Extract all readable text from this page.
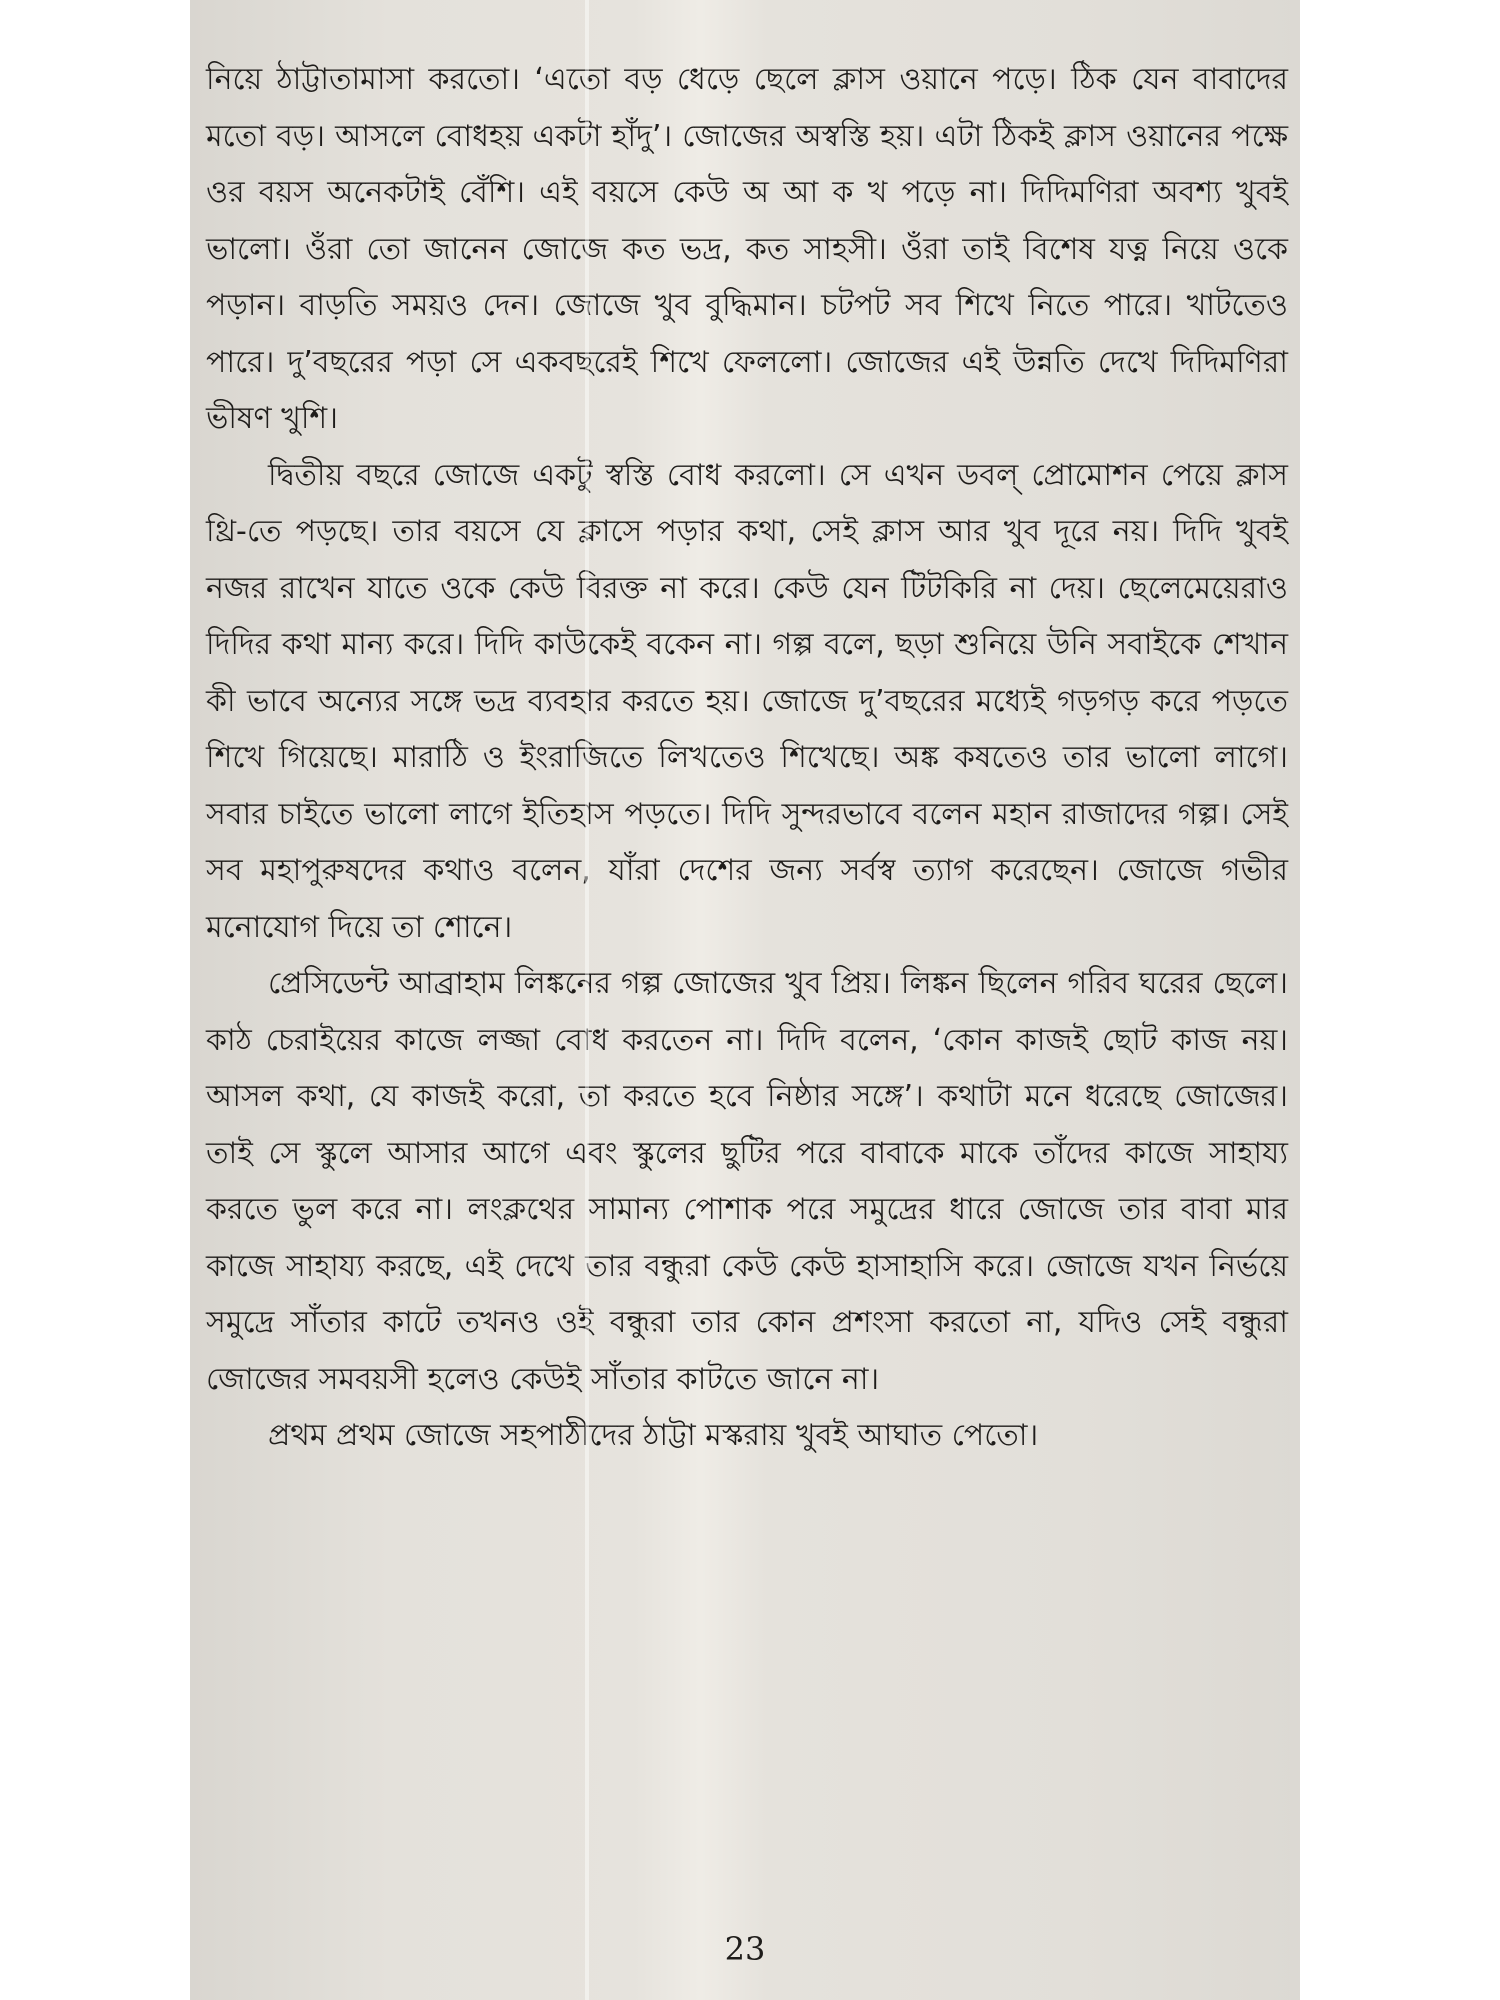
নিয়ে ঠাট্টাতামাসা করতো। ‘এতো বড় ধেড়ে ছেলে ক্লাস ওয়ানে পড়ে। ঠিক যেন বাবাদের মতো বড়। আসলে বোধহয় একটা হাঁদু’। জোজের অস্বস্তি হয়। এটা ঠিকই ক্লাস ওয়ানের পক্ষে ওর বয়স অনেকটাই বেঁশি। এই বয়সে কেউ অ আ ক খ পড়ে না। দিদিমণিরা অবশ্য খুবই ভালো। ওঁরা তো জানেন জোজে কত ভদ্র, কত সাহসী। ওঁরা তাই বিশেষ যত্ন নিয়ে ওকে পড়ান। বাড়তি সময়ও দেন। জোজে খুব বুদ্ধিমান। চটপট সব শিখে নিতে পারে। খাটতেও পারে। দু’বছরের পড়া সে একবছরেই শিখে ফেললো। জোজের এই উন্নতি দেখে দিদিমণিরা ভীষণ খুশি।

দ্বিতীয় বছরে জোজে একটু স্বস্তি বোধ করলো। সে এখন ডবল্ প্রোমোশন পেয়ে ক্লাস থ্রি-তে পড়ছে। তার বয়সে যে ক্লাসে পড়ার কথা, সেই ক্লাস আর খুব দূরে নয়। দিদি খুবই নজর রাখেন যাতে ওকে কেউ বিরক্ত না করে। কেউ যেন টিটকিরি না দেয়। ছেলেমেয়েরাও দিদির কথা মান্য করে। দিদি কাউকেই বকেন না। গল্প বলে, ছড়া শুনিয়ে উনি সবাইকে শেখান কী ভাবে অন্যের সঙ্গে ভদ্র ব্যবহার করতে হয়। জোজে দু’বছরের মধ্যেই গড়গড় করে পড়তে শিখে গিয়েছে। মারাঠি ও ইংরাজিতে লিখতেও শিখেছে। অঙ্ক কষতেও তার ভালো লাগে। সবার চাইতে ভালো লাগে ইতিহাস পড়তে। দিদি সুন্দরভাবে বলেন মহান রাজাদের গল্প। সেই সব মহাপুরুষদের কথাও বলেন, যাঁরা দেশের জন্য সর্বস্ব ত্যাগ করেছেন। জোজে গভীর মনোযোগ দিয়ে তা শোনে।

প্রেসিডেন্ট আব্রাহাম লিঙ্কনের গল্প জোজের খুব প্রিয়। লিঙ্কন ছিলেন গরিব ঘরের ছেলে। কাঠ চেরাইয়ের কাজে লজ্জা বোধ করতেন না। দিদি বলেন, ‘কোন কাজই ছোট কাজ নয়। আসল কথা, যে কাজই করো, তা করতে হবে নিষ্ঠার সঙ্গে’। কথাটা মনে ধরেছে জোজের। তাই সে স্কুলে আসার আগে এবং স্কুলের ছুটির পরে বাবাকে মাকে তাঁদের কাজে সাহায্য করতে ভুল করে না। লংক্লথের সামান্য পোশাক পরে সমুদ্রের ধারে জোজে তার বাবা মার কাজে সাহায্য করছে, এই দেখে তার বন্ধুরা কেউ কেউ হাসাহাসি করে। জোজে যখন নির্ভয়ে সমুদ্রে সাঁতার কাটে তখনও ওই বন্ধুরা তার কোন প্রশংসা করতো না, যদিও সেই বন্ধুরা জোজের সমবয়সী হলেও কেউই সাঁতার কাটতে জানে না।

প্রথম প্রথম জোজে সহপাঠীদের ঠাট্টা মস্করায় খুবই আঘাত পেতো।

23
